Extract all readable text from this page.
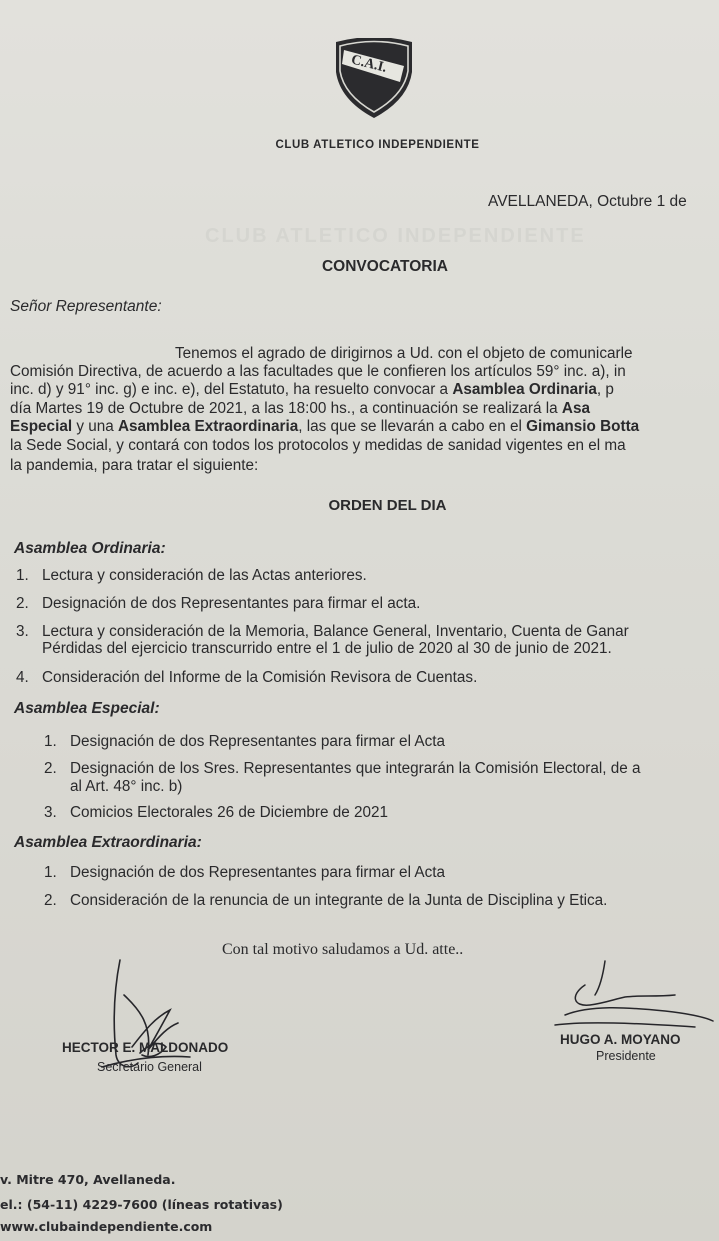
C.A.I.
CLUB ATLETICO INDEPENDIENTE
AVELLANEDA, Octubre 1 de
CLUB ATLETICO INDEPENDIENTE
CONVOCATORIA
Señor Representante:
Tenemos el agrado de dirigirnos a Ud. con el objeto de comunicarle
Comisión Directiva, de acuerdo a las facultades que le confieren los artículos 59° inc. a), in
inc. d) y 91° inc. g) e inc. e), del Estatuto, ha resuelto convocar a Asamblea Ordinaria, p
día Martes 19 de Octubre de 2021, a las 18:00 hs., a continuación se realizará la Asa
Especial y una Asamblea Extraordinaria, las que se llevarán a cabo en el Gimansio Botta
la Sede Social, y contará con todos los protocolos y medidas de sanidad vigentes en el ma
la pandemia, para tratar el siguiente:
ORDEN DEL DIA
Asamblea Ordinaria:
1. Lectura y consideración de las Actas anteriores.
2. Designación de dos Representantes para firmar el acta.
3. Lectura y consideración de la Memoria, Balance General, Inventario, Cuenta de Ganar
Pérdidas del ejercicio transcurrido entre el 1 de julio de 2020 al 30 de junio de 2021.
4. Consideración del Informe de la Comisión Revisora de Cuentas.
Asamblea Especial:
1. Designación de dos Representantes para firmar el Acta
2. Designación de los Sres. Representantes que integrarán la Comisión Electoral, de a
al Art. 48° inc. b)
3. Comicios Electorales 26 de Diciembre de 2021
Asamblea Extraordinaria:
1. Designación de dos Representantes para firmar el Acta
2. Consideración de la renuncia de un integrante de la Junta de Disciplina y Etica.
Con tal motivo saludamos a Ud. atte..
HECTOR E. MALDONADO
Secretario General
HUGO A. MOYANO
Presidente
v. Mitre 470, Avellaneda.
el.: (54-11) 4229-7600 (líneas rotativas)
www.clubaindependiente.com
